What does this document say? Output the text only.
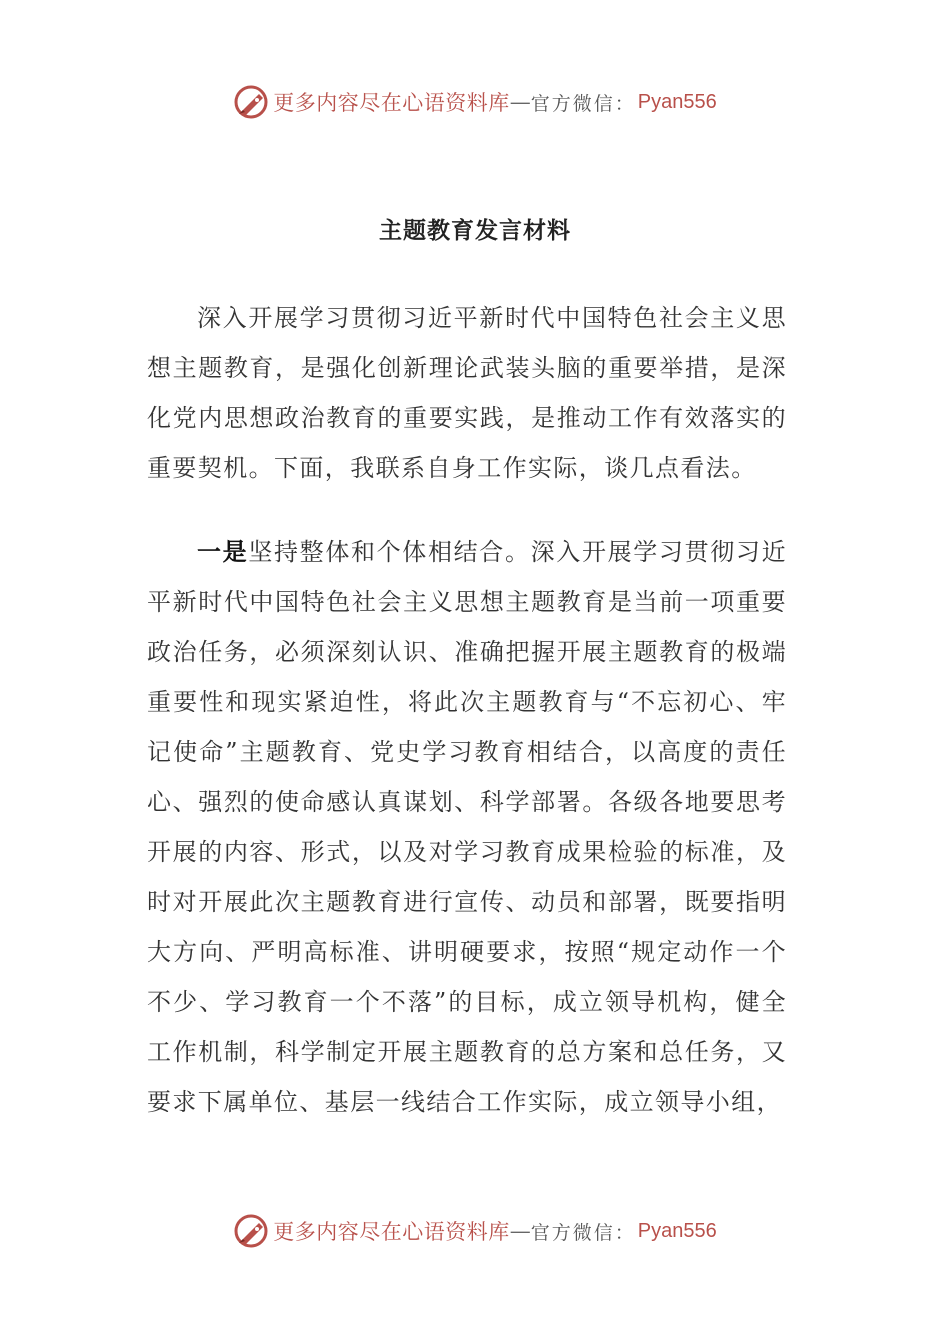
更多内容尽在心语资料库 — 官方微信： Pyan556
主题教育发言材料

深入开展学习贯彻习近平新时代中国特色社会主义思想主题教育，是强化创新理论武装头脑的重要举措，是深化党内思想政治教育的重要实践，是推动工作有效落实的重要契机。下面，我联系自身工作实际，谈几点看法。

一是坚持整体和个体相结合。深入开展学习贯彻习近平新时代中国特色社会主义思想主题教育是当前一项重要政治任务，必须深刻认识、准确把握开展主题教育的极端重要性和现实紧迫性，将此次主题教育与“不忘初心、牢记使命”主题教育、党史学习教育相结合，以高度的责任心、强烈的使命感认真谋划、科学部署。各级各地要思考开展的内容、形式，以及对学习教育成果检验的标准，及时对开展此次主题教育进行宣传、动员和部署，既要指明大方向、严明高标准、讲明硬要求，按照“规定动作一个不少、学习教育一个不落”的目标，成立领导机构，健全工作机制，科学制定开展主题教育的总方案和总任务，又要求下属单位、基层一线结合工作实际，成立领导小组，

更多内容尽在心语资料库 — 官方微信： Pyan556
